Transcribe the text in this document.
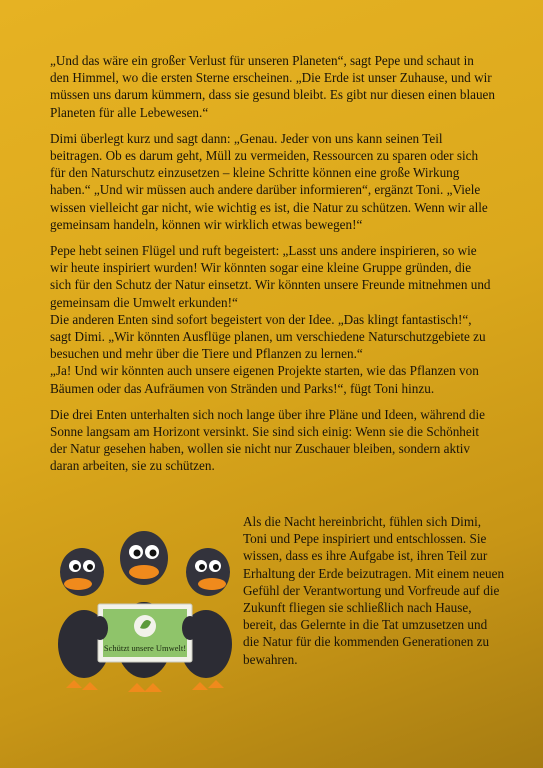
„Und das wäre ein großer Verlust für unseren Planeten“, sagt Pepe und schaut in den Himmel, wo die ersten Sterne erscheinen. „Die Erde ist unser Zuhause, und wir müssen uns darum kümmern, dass sie gesund bleibt. Es gibt nur diesen einen blauen Planeten für alle Lebewesen.“

Dimi überlegt kurz und sagt dann: „Genau. Jeder von uns kann seinen Teil beitragen. Ob es darum geht, Müll zu vermeiden, Ressourcen zu sparen oder sich für den Naturschutz einzusetzen – kleine Schritte können eine große Wirkung haben.“ „Und wir müssen auch andere darüber informieren“, ergänzt Toni. „Viele wissen vielleicht gar nicht, wie wichtig es ist, die Natur zu schützen. Wenn wir alle gemeinsam handeln, können wir wirklich etwas bewegen!“

Pepe hebt seinen Flügel und ruft begeistert: „Lasst uns andere inspirieren, so wie wir heute inspiriert wurden! Wir könnten sogar eine kleine Gruppe gründen, die sich für den Schutz der Natur einsetzt. Wir könnten unsere Freunde mitnehmen und gemeinsam die Umwelt erkunden!“

Die anderen Enten sind sofort begeistert von der Idee. „Das klingt fantastisch!“, sagt Dimi. „Wir könnten Ausflüge planen, um verschiedene Naturschutzgebiete zu besuchen und mehr über die Tiere und Pflanzen zu lernen.“

„Ja! Und wir könnten auch unsere eigenen Projekte starten, wie das Pflanzen von Bäumen oder das Aufräumen von Stränden und Parks!“, fügt Toni hinzu.

Die drei Enten unterhalten sich noch lange über ihre Pläne und Ideen, während die Sonne langsam am Horizont versinkt. Sie sind sich einig: Wenn sie die Schönheit der Natur gesehen haben, wollen sie nicht nur Zuschauer bleiben, sondern aktiv daran arbeiten, sie zu schützen.

Schützt unsere Umwelt!

Als die Nacht hereinbricht, fühlen sich Dimi, Toni und Pepe inspiriert und entschlossen. Sie wissen, dass es ihre Aufgabe ist, ihren Teil zur Erhaltung der Erde beizutragen. Mit einem neuen Gefühl der Verantwortung und Vorfreude auf die Zukunft fliegen sie schließlich nach Hause, bereit, das Gelernte in die Tat umzusetzen und die Natur für die kommenden Generationen zu bewahren.
